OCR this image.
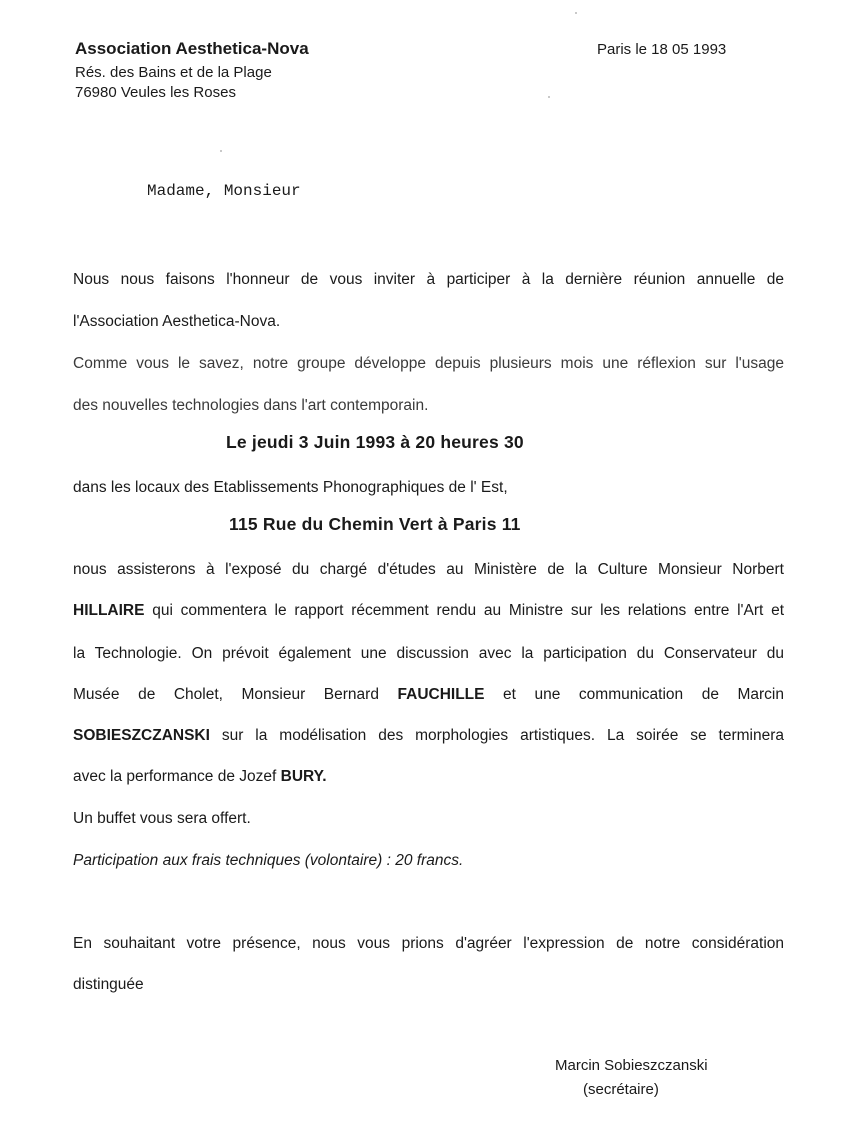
Association Aesthetica-Nova

Rés. des Bains et de la Plage

76980 Veules les Roses

Paris le 18 05 1993

Madame, Monsieur

Nous nous faisons l'honneur de vous inviter à participer à la dernière réunion annuelle de

l'Association Aesthetica-Nova.

Comme vous le savez, notre groupe développe depuis plusieurs mois une réflexion sur l'usage

des nouvelles technologies dans l'art contemporain.

Le jeudi 3 Juin 1993 à 20 heures 30

dans les locaux des Etablissements Phonographiques de l' Est,

115 Rue du Chemin Vert à Paris 11

nous assisterons à l'exposé du chargé d'études au Ministère de la Culture Monsieur Norbert

HILLAIRE qui commentera le rapport récemment rendu au Ministre sur les relations entre l'Art et

la Technologie. On prévoit également une discussion avec la participation du Conservateur du

Musée de Cholet, Monsieur Bernard FAUCHILLE et une communication de Marcin

SOBIESZCZANSKI sur la modélisation des morphologies artistiques. La soirée se terminera

avec la performance de Jozef BURY.

Un buffet vous sera offert.

Participation aux frais techniques (volontaire) : 20 francs.

En souhaitant votre présence, nous vous prions d'agréer l'expression de notre considération

distinguée

Marcin Sobieszczanski

(secrétaire)
